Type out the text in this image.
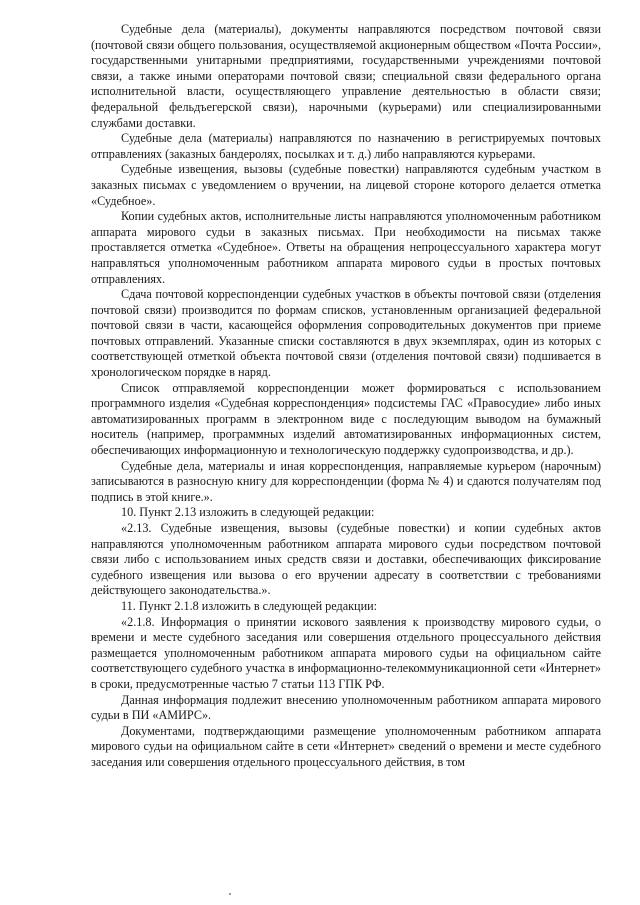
Судебные дела (материалы), документы направляются посредством почтовой связи (почтовой связи общего пользования, осуществляемой акционерным обществом «Почта России», государственными унитарными предприятиями, государственными учреждениями почтовой связи, а также иными операторами почтовой связи; специальной связи федерального органа исполнительной власти, осуществляющего управление деятельностью в области связи; федеральной фельдъегерской связи), нарочными (курьерами) или специализированными службами доставки.

Судебные дела (материалы) направляются по назначению в регистрируемых почтовых отправлениях (заказных бандеролях, посылках и т. д.) либо направляются курьерами.

Судебные извещения, вызовы (судебные повестки) направляются судебным участком в заказных письмах с уведомлением о вручении, на лицевой стороне которого делается отметка «Судебное».

Копии судебных актов, исполнительные листы направляются уполномоченным работником аппарата мирового судьи в заказных письмах. При необходимости на письмах также проставляется отметка «Судебное». Ответы на обращения непроцессуального характера могут направляться уполномоченным работником аппарата мирового судьи в простых почтовых отправлениях.

Сдача почтовой корреспонденции судебных участков в объекты почтовой связи (отделения почтовой связи) производится по формам списков, установленным организацией федеральной почтовой связи в части, касающейся оформления сопроводительных документов при приеме почтовых отправлений. Указанные списки составляются в двух экземплярах, один из которых с соответствующей отметкой объекта почтовой связи (отделения почтовой связи) подшивается в хронологическом порядке в наряд.

Список отправляемой корреспонденции может формироваться с использованием программного изделия «Судебная корреспонденция» подсистемы ГАС «Правосудие» либо иных автоматизированных программ в электронном виде с последующим выводом на бумажный носитель (например, программных изделий автоматизированных информационных систем, обеспечивающих информационную и технологическую поддержку судопроизводства, и др.).

Судебные дела, материалы и иная корреспонденция, направляемые курьером (нарочным) записываются в разносную книгу для корреспонденции (форма № 4) и сдаются получателям под подпись в этой книге.».

10. Пункт 2.13 изложить в следующей редакции:

«2.13. Судебные извещения, вызовы (судебные повестки) и копии судебных актов направляются уполномоченным работником аппарата мирового судьи посредством почтовой связи либо с использованием иных средств связи и доставки, обеспечивающих фиксирование судебного извещения или вызова о его вручении адресату в соответствии с требованиями действующего законодательства.».

11. Пункт 2.1.8 изложить в следующей редакции:

«2.1.8. Информация о принятии искового заявления к производству мирового судьи, о времени и месте судебного заседания или совершения отдельного процессуального действия размещается уполномоченным работником аппарата мирового судьи на официальном сайте соответствующего судебного участка в информационно-телекоммуникационной сети «Интернет» в сроки, предусмотренные частью 7 статьи 113 ГПК РФ.

Данная информация подлежит внесению уполномоченным работником аппарата мирового судьи в ПИ «АМИРС».

Документами, подтверждающими размещение уполномоченным работником аппарата мирового судьи на официальном сайте в сети «Интернет» сведений о времени и месте судебного заседания или совершения отдельного процессуального действия, в том
